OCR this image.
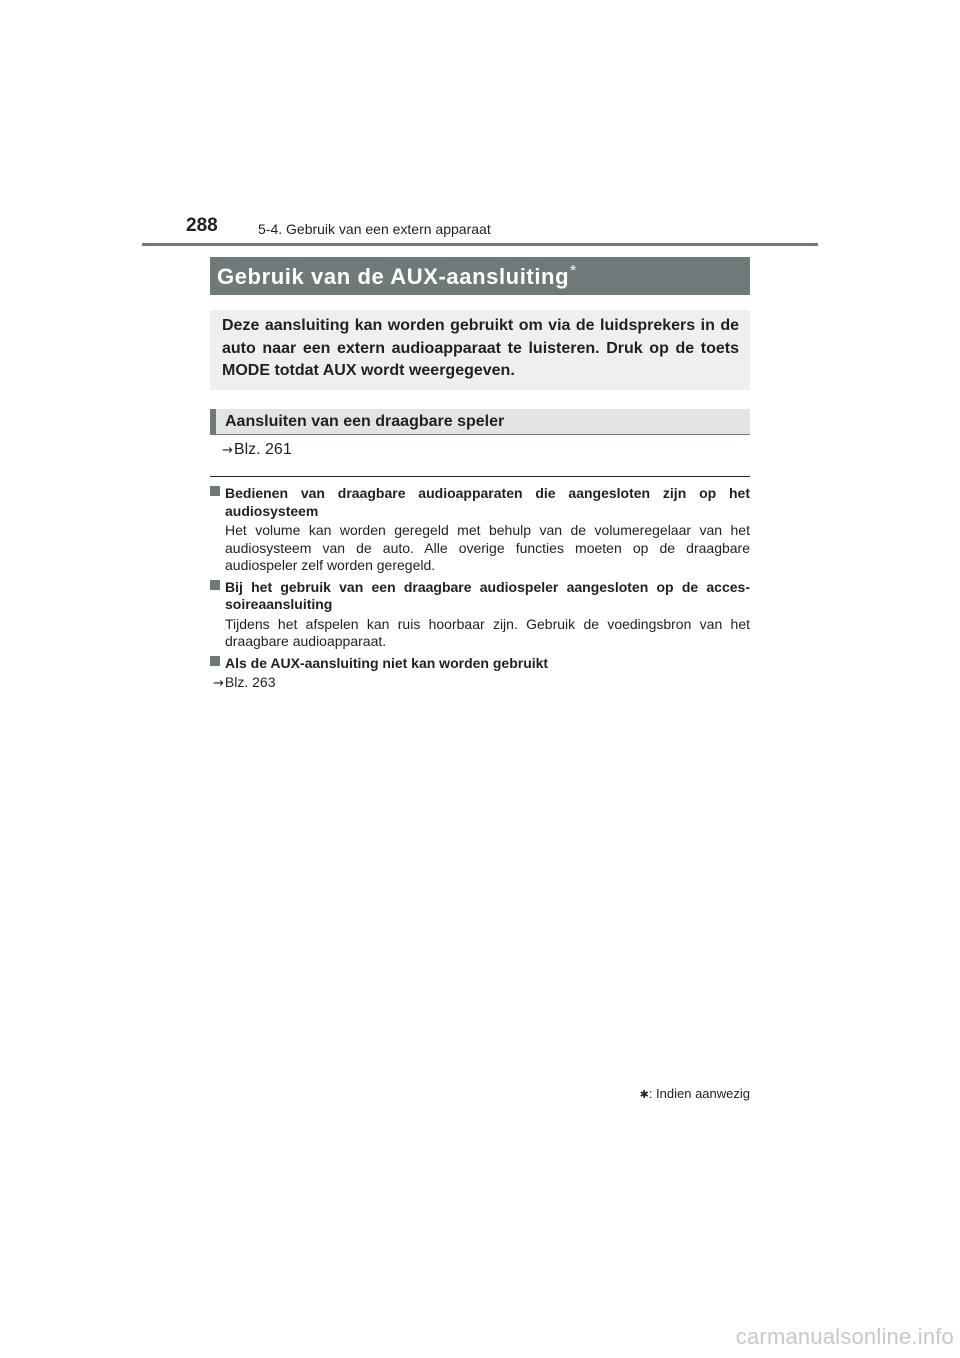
288	5-4. Gebruik van een extern apparaat
Gebruik van de AUX-aansluiting*

Deze aansluiting kan worden gebruikt om via de luidsprekers in de auto naar een extern audioapparaat te luisteren. Druk op de toets MODE totdat AUX wordt weergegeven.

Aansluiten van een draagbare speler
→Blz. 261
Bedienen van draagbare audioapparaten die aangesloten zijn op het audiosysteem
Het volume kan worden geregeld met behulp van de volumeregelaar van het audiosysteem van de auto. Alle overige functies moeten op de draagbare audiospeler zelf worden geregeld.
Bij het gebruik van een draagbare audiospeler aangesloten op de acces-soireaansluiting
Tijdens het afspelen kan ruis hoorbaar zijn. Gebruik de voedingsbron van het draagbare audioapparaat.
Als de AUX-aansluiting niet kan worden gebruikt
→Blz. 263
✱: Indien aanwezig
carmanualsonline.info
